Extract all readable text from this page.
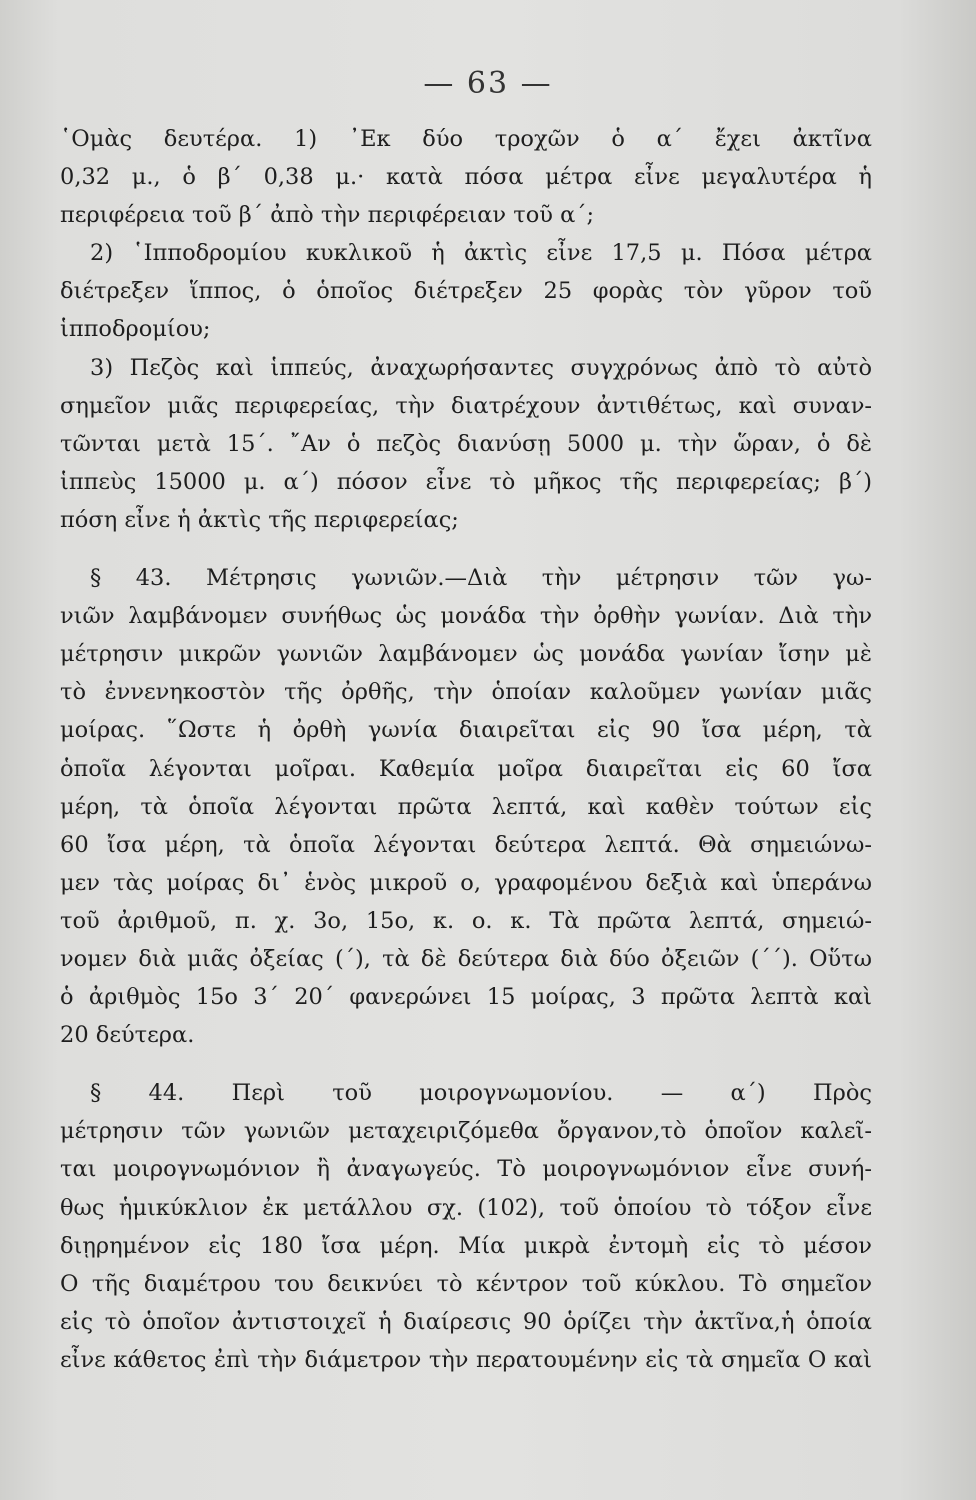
— 63 —
῾Ομὰς δευτέρα. 1) ᾿Εκ δύο τροχῶν ὁ α΄ ἔχει ἀκτῖνα
0,32 μ., ὁ β΄ 0,38 μ.· κατὰ πόσα μέτρα εἶνε μεγαλυτέρα ἡ
περιφέρεια τοῦ β΄ ἀπὸ τὴν περιφέρειαν τοῦ α΄;
2) ῾Ιπποδρομίου κυκλικοῦ ἡ ἀκτὶς εἶνε 17,5 μ. Πόσα μέτρα
διέτρεξεν ἵππος, ὁ ὁποῖος διέτρεξεν 25 φορὰς τὸν γῦρον τοῦ
ἱπποδρομίου;
3) Πεζὸς καὶ ἱππεύς, ἀναχωρήσαντες συγχρόνως ἀπὸ τὸ αὐτὸ
σημεῖον μιᾶς περιφερείας, τὴν διατρέχουν ἀντιθέτως, καὶ συναν-
τῶνται μετὰ 15΄. ῎Αν ὁ πεζὸς διανύσῃ 5000 μ. τὴν ὥραν, ὁ δὲ
ἱππεὺς 15000 μ. α΄) πόσον εἶνε τὸ μῆκος τῆς περιφερείας; β΄)
πόση εἶνε ἡ ἀκτὶς τῆς περιφερείας;
§ 43. Μέτρησις γωνιῶν.—Διὰ τὴν μέτρησιν τῶν γω-
νιῶν λαμβάνομεν συνήθως ὡς μονάδα τὴν ὀρθὴν γωνίαν. Διὰ τὴν
μέτρησιν μικρῶν γωνιῶν λαμβάνομεν ὡς μονάδα γωνίαν ἴσην μὲ
τὸ ἐννενηκοστὸν τῆς ὀρθῆς, τὴν ὁποίαν καλοῦμεν γωνίαν μιᾶς
μοίρας. ῞Ωστε ἡ ὀρθὴ γωνία διαιρεῖται εἰς 90 ἴσα μέρη, τὰ
ὁποῖα λέγονται μοῖραι. Καθεμία μοῖρα διαιρεῖται εἰς 60 ἴσα
μέρη, τὰ ὁποῖα λέγονται πρῶτα λεπτά, καὶ καθὲν τούτων εἰς
60 ἴσα μέρη, τὰ ὁποῖα λέγονται δεύτερα λεπτά. Θὰ σημειώνω-
μεν τὰς μοίρας δι᾿ ἑνὸς μικροῦ ο, γραφομένου δεξιὰ καὶ ὑπεράνω
τοῦ ἀριθμοῦ, π. χ. 3ο, 15ο, κ. ο. κ. Τὰ πρῶτα λεπτά, σημειώ-
νομεν διὰ μιᾶς ὀξείας (΄), τὰ δὲ δεύτερα διὰ δύο ὀξειῶν (΄΄). Οὕτω
ὁ ἀριθμὸς 15ο 3΄ 20΄ φανερώνει 15 μοίρας, 3 πρῶτα λεπτὰ καὶ
20 δεύτερα.
§ 44. Περὶ τοῦ μοιρογνωμονίου. — α΄) Πρὸς
μέτρησιν τῶν γωνιῶν μεταχειριζόμεθα ὄργανον,τὸ ὁποῖον καλεῖ-
ται μοιρογνωμόνιον ἢ ἀναγωγεύς. Τὸ μοιρογνωμόνιον εἶνε συνή-
θως ἡμικύκλιον ἐκ μετάλλου σχ. (102), τοῦ ὁποίου τὸ τόξον εἶνε
διῃρημένον εἰς 180 ἴσα μέρη. Μία μικρὰ ἐντομὴ εἰς τὸ μέσον
Ο τῆς διαμέτρου του δεικνύει τὸ κέντρον τοῦ κύκλου. Τὸ σημεῖον
εἰς τὸ ὁποῖον ἀντιστοιχεῖ ἡ διαίρεσις 90 ὁρίζει τὴν ἀκτῖνα,ἡ ὁποία
εἶνε κάθετος ἐπὶ τὴν διάμετρον τὴν περατουμένην εἰς τὰ σημεῖα Ο καὶ
